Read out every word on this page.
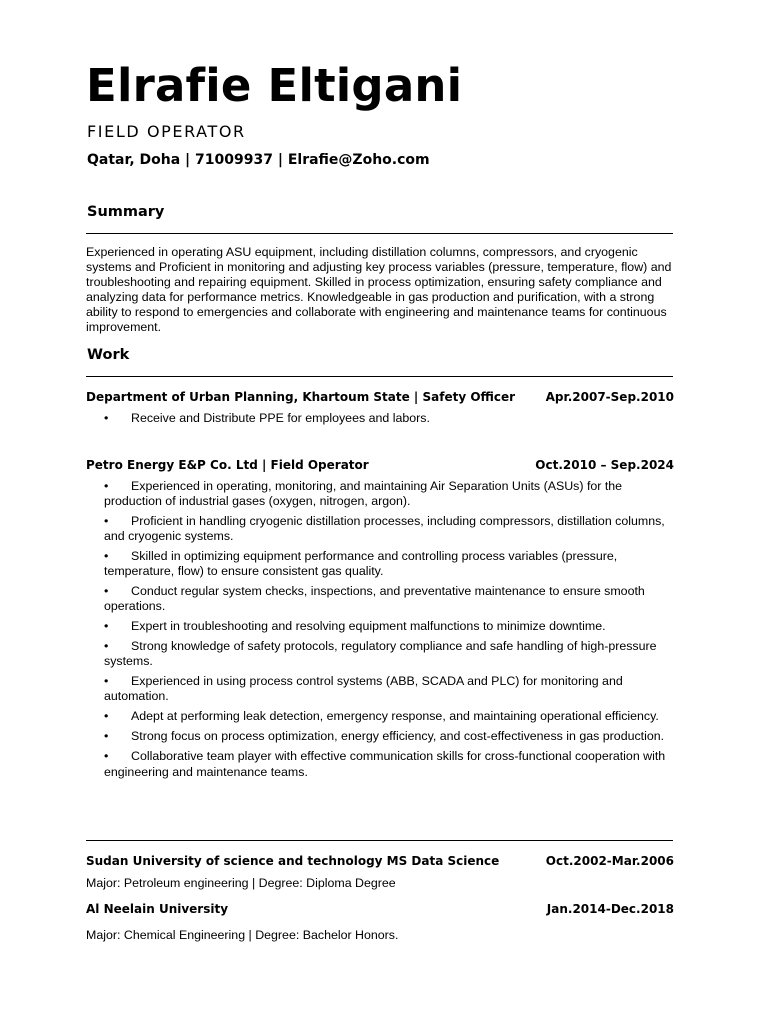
Elrafie Eltigani
FIELD OPERATOR
Qatar, Doha | 71009937 | Elrafie@Zoho.com
Summary
Experienced in operating ASU equipment, including distillation columns, compressors, and cryogenic systems and Proficient in monitoring and adjusting key process variables (pressure, temperature, flow) and troubleshooting and repairing equipment. Skilled in process optimization, ensuring safety compliance and analyzing data for performance metrics. Knowledgeable in gas production and purification, with a strong ability to respond to emergencies and collaborate with engineering and maintenance teams for continuous improvement.
Work
Department of Urban Planning, Khartoum State | Safety Officer	Apr.2007-Sep.2010
• Receive and Distribute PPE for employees and labors.
Petro Energy E&P Co. Ltd | Field Operator	Oct.2010 – Sep.2024
• Experienced in operating, monitoring, and maintaining Air Separation Units (ASUs) for the production of industrial gases (oxygen, nitrogen, argon).
• Proficient in handling cryogenic distillation processes, including compressors, distillation columns, and cryogenic systems.
• Skilled in optimizing equipment performance and controlling process variables (pressure, temperature, flow) to ensure consistent gas quality.
• Conduct regular system checks, inspections, and preventative maintenance to ensure smooth operations.
• Expert in troubleshooting and resolving equipment malfunctions to minimize downtime.
• Strong knowledge of safety protocols, regulatory compliance and safe handling of high-pressure systems.
• Experienced in using process control systems (ABB, SCADA and PLC) for monitoring and automation.
• Adept at performing leak detection, emergency response, and maintaining operational efficiency.
• Strong focus on process optimization, energy efficiency, and cost-effectiveness in gas production.
• Collaborative team player with effective communication skills for cross-functional cooperation with engineering and maintenance teams.
Sudan University of science and technology MS Data Science	Oct.2002-Mar.2006
Major: Petroleum engineering | Degree: Diploma Degree
Al Neelain University	Jan.2014-Dec.2018
Major: Chemical Engineering | Degree: Bachelor Honors.
